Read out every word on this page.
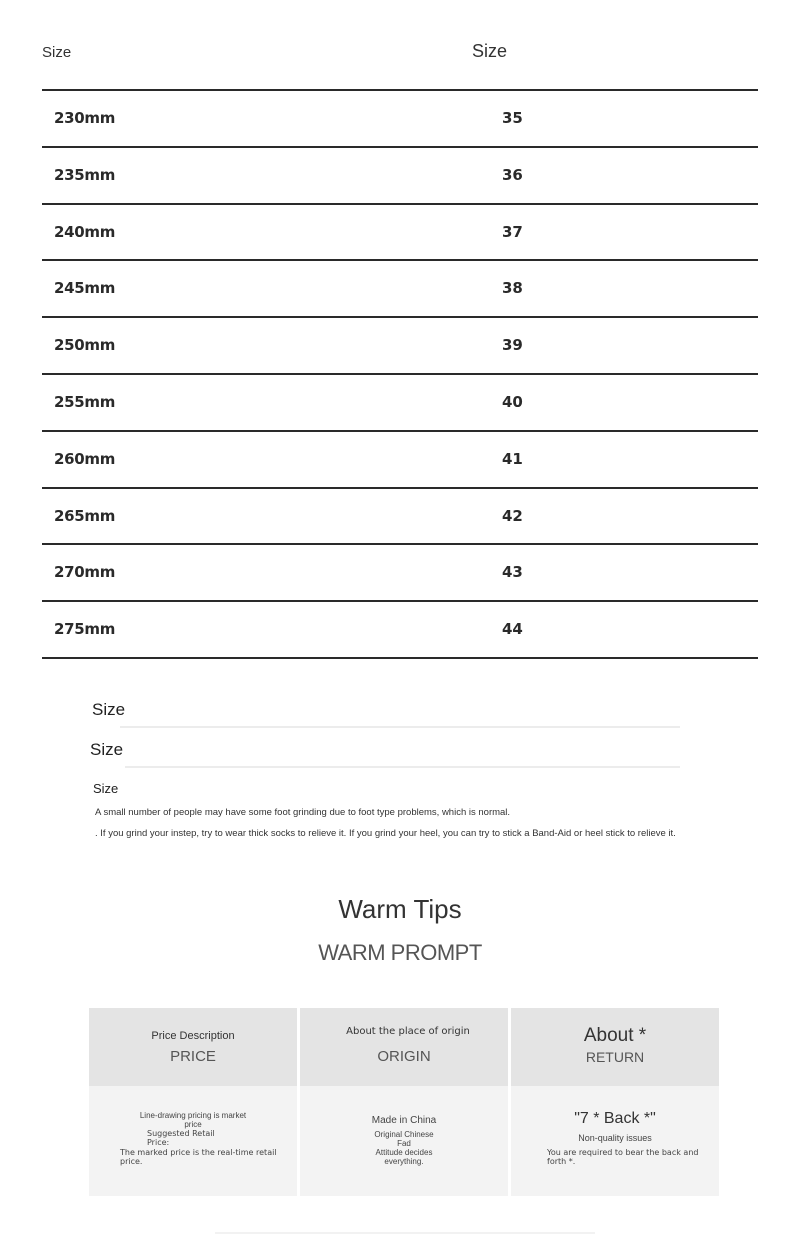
Size	Size
230mm	35
235mm	36
240mm	37
245mm	38
250mm	39
255mm	40
260mm	41
265mm	42
270mm	43
275mm	44
Size
Size
Size
A small number of people may have some foot grinding due to foot type problems, which is normal.
. If you grind your instep, try to wear thick socks to relieve it. If you grind your heel, you can try to stick a Band-Aid or heel stick to relieve it.
Warm Tips
WARM PROMPT
Price Description
PRICE
Line-drawing pricing is market
price
Suggested Retail
Price:
The marked price is the real-time retail
price.
About the place of origin
ORIGIN
Made in China
Original Chinese
Fad
Attitude decides
everything.
About *
RETURN
"7 * Back *"
Non-quality issues
You are required to bear the back and
forth *.
